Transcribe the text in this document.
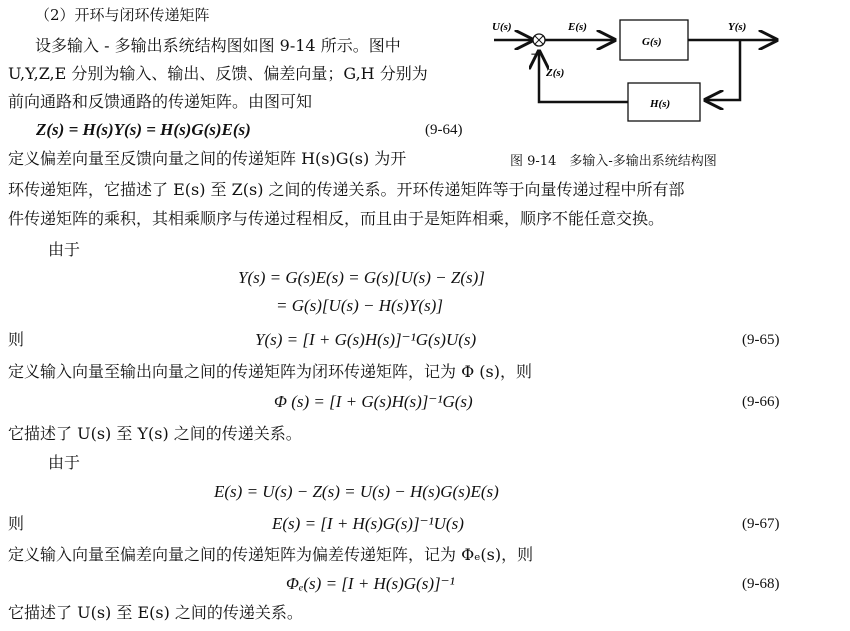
（2）开环与闭环传递矩阵
设多输入 - 多输出系统结构图如图 9-14 所示。图中
U,Y,Z,E 分别为输入、输出、反馈、偏差向量；G,H 分别为
前向通路和反馈通路的传递矩阵。由图可知
Z(s) = H(s)Y(s) = H(s)G(s)E(s)	(9-64)
定义偏差向量至反馈向量之间的传递矩阵 H(s)G(s) 为开
环传递矩阵，它描述了 E(s) 至 Z(s) 之间的传递关系。开环传递矩阵等于向量传递过程中所有部
件传递矩阵的乘积，其相乘顺序与传递过程相反，而且由于是矩阵相乘，顺序不能任意交换。
由于
Y(s) = G(s)E(s) = G(s)[U(s) − Z(s)]
= G(s)[U(s) − H(s)Y(s)]
则	Y(s) = [I + G(s)H(s)]⁻¹G(s)U(s)	(9-65)
定义输入向量至输出向量之间的传递矩阵为闭环传递矩阵，记为 Φ (s)，则
Φ (s) = [I + G(s)H(s)]⁻¹G(s)	(9-66)
它描述了 U(s) 至 Y(s) 之间的传递关系。
由于
E(s) = U(s) − Z(s) = U(s) − H(s)G(s)E(s)
则	E(s) = [I + H(s)G(s)]⁻¹U(s)	(9-67)
定义输入向量至偏差向量之间的传递矩阵为偏差传递矩阵，记为 Φₑ(s)，则
Φₑ(s) = [I + H(s)G(s)]⁻¹	(9-68)
它描述了 U(s) 至 E(s) 之间的传递关系。
U(s)
−
E(s)
G(s)
Y(s)
H(s)
Z(s)
图 9-14　多输入-多输出系统结构图
